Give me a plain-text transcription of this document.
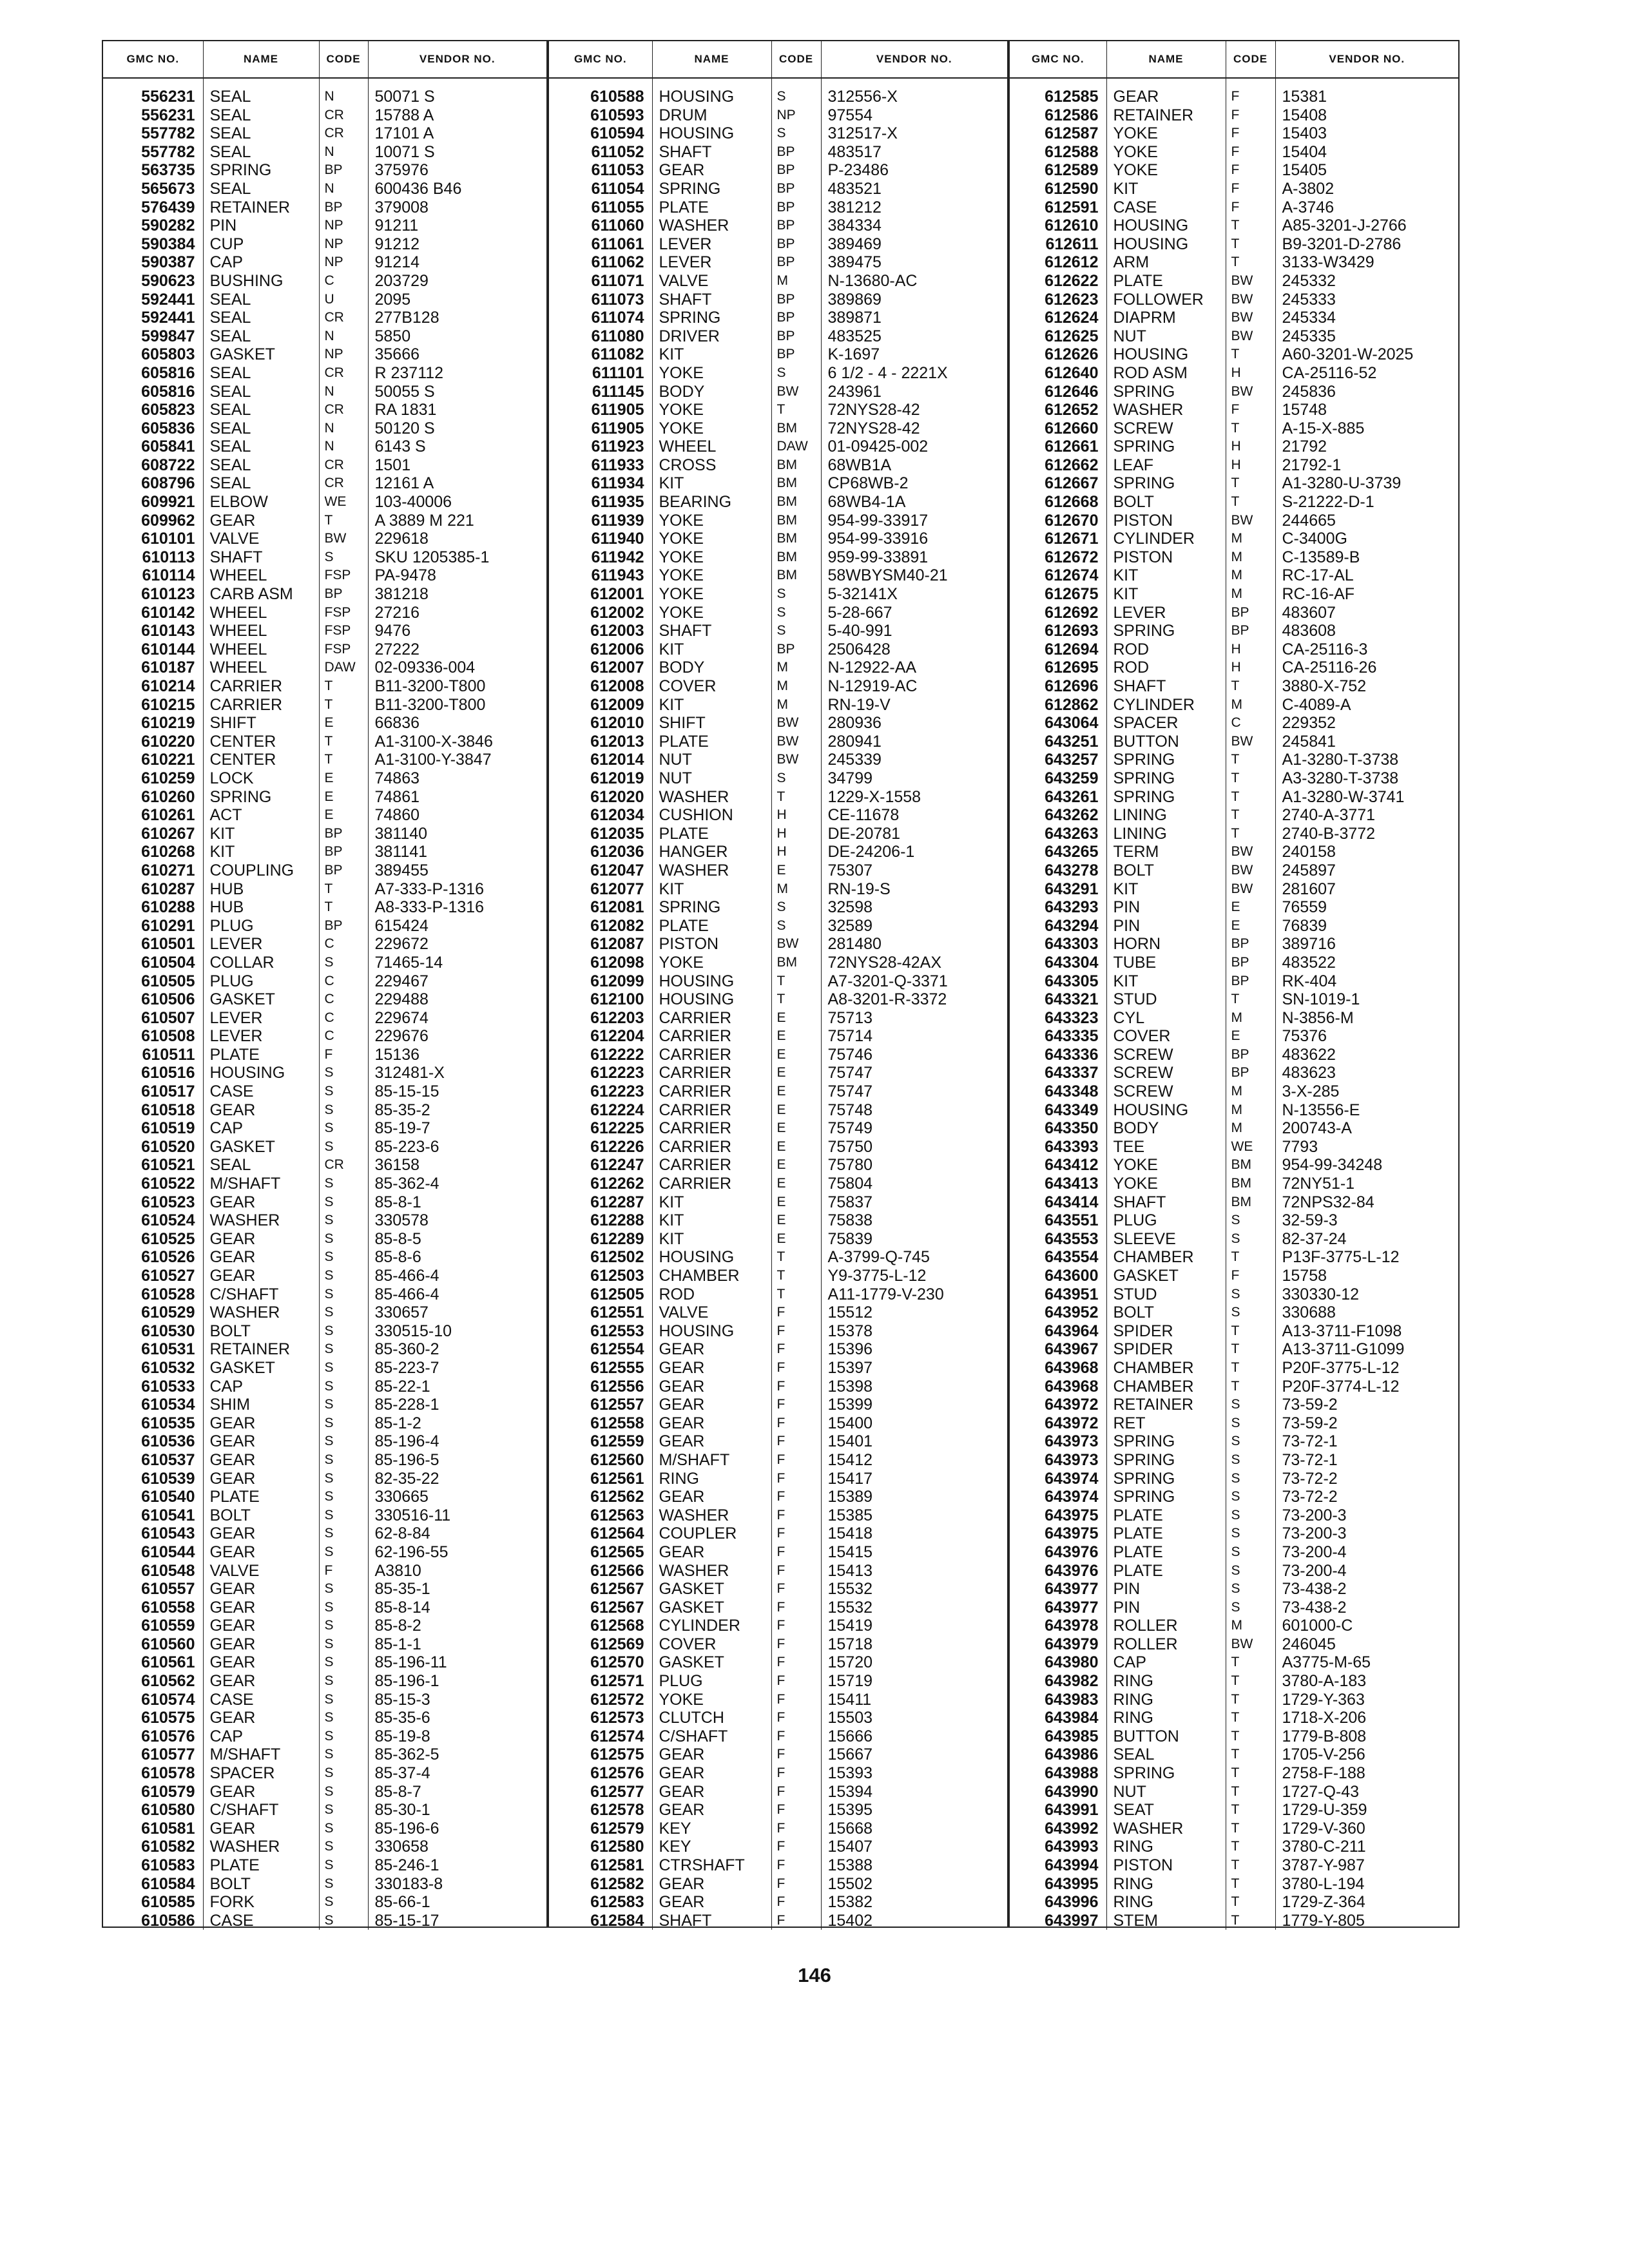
GMC NO.	NAME	CODE	VENDOR NO.
556231	SEAL	N	50071 S
556231	SEAL	CR	15788 A
557782	SEAL	CR	17101 A
557782	SEAL	N	10071 S
563735	SPRING	BP	375976
565673	SEAL	N	600436 B46
576439	RETAINER	BP	379008
590282	PIN	NP	91211
590384	CUP	NP	91212
590387	CAP	NP	91214
590623	BUSHING	C	203729
592441	SEAL	U	2095
592441	SEAL	CR	277B128
599847	SEAL	N	5850
605803	GASKET	NP	35666
605816	SEAL	CR	R 237112
605816	SEAL	N	50055 S
605823	SEAL	CR	RA 1831
605836	SEAL	N	50120 S
605841	SEAL	N	6143 S
608722	SEAL	CR	1501
608796	SEAL	CR	12161 A
609921	ELBOW	WE	103-40006
609962	GEAR	T	A 3889 M 221
610101	VALVE	BW	229618
610113	SHAFT	S	SKU 1205385-1
610114	WHEEL	FSP	PA-9478
610123	CARB ASM	BP	381218
610142	WHEEL	FSP	27216
610143	WHEEL	FSP	9476
610144	WHEEL	FSP	27222
610187	WHEEL	DAW	02-09336-004
610214	CARRIER	T	B11-3200-T800
610215	CARRIER	T	B11-3200-T800
610219	SHIFT	E	66836
610220	CENTER	T	A1-3100-X-3846
610221	CENTER	T	A1-3100-Y-3847
610259	LOCK	E	74863
610260	SPRING	E	74861
610261	ACT	E	74860
610267	KIT	BP	381140
610268	KIT	BP	381141
610271	COUPLING	BP	389455
610287	HUB	T	A7-333-P-1316
610288	HUB	T	A8-333-P-1316
610291	PLUG	BP	615424
610501	LEVER	C	229672
610504	COLLAR	S	71465-14
610505	PLUG	C	229467
610506	GASKET	C	229488
610507	LEVER	C	229674
610508	LEVER	C	229676
610511	PLATE	F	15136
610516	HOUSING	S	312481-X
610517	CASE	S	85-15-15
610518	GEAR	S	85-35-2
610519	CAP	S	85-19-7
610520	GASKET	S	85-223-6
610521	SEAL	CR	36158
610522	M/SHAFT	S	85-362-4
610523	GEAR	S	85-8-1
610524	WASHER	S	330578
610525	GEAR	S	85-8-5
610526	GEAR	S	85-8-6
610527	GEAR	S	85-466-4
610528	C/SHAFT	S	85-466-4
610529	WASHER	S	330657
610530	BOLT	S	330515-10
610531	RETAINER	S	85-360-2
610532	GASKET	S	85-223-7
610533	CAP	S	85-22-1
610534	SHIM	S	85-228-1
610535	GEAR	S	85-1-2
610536	GEAR	S	85-196-4
610537	GEAR	S	85-196-5
610539	GEAR	S	82-35-22
610540	PLATE	S	330665
610541	BOLT	S	330516-11
610543	GEAR	S	62-8-84
610544	GEAR	S	62-196-55
610548	VALVE	F	A3810
610557	GEAR	S	85-35-1
610558	GEAR	S	85-8-14
610559	GEAR	S	85-8-2
610560	GEAR	S	85-1-1
610561	GEAR	S	85-196-11
610562	GEAR	S	85-196-1
610574	CASE	S	85-15-3
610575	GEAR	S	85-35-6
610576	CAP	S	85-19-8
610577	M/SHAFT	S	85-362-5
610578	SPACER	S	85-37-4
610579	GEAR	S	85-8-7
610580	C/SHAFT	S	85-30-1
610581	GEAR	S	85-196-6
610582	WASHER	S	330658
610583	PLATE	S	85-246-1
610584	BOLT	S	330183-8
610585	FORK	S	85-66-1
610586	CASE	S	85-15-17
GMC NO.	NAME	CODE	VENDOR NO.
610588	HOUSING	S	312556-X
610593	DRUM	NP	97554
610594	HOUSING	S	312517-X
611052	SHAFT	BP	483517
611053	GEAR	BP	P-23486
611054	SPRING	BP	483521
611055	PLATE	BP	381212
611060	WASHER	BP	384334
611061	LEVER	BP	389469
611062	LEVER	BP	389475
611071	VALVE	M	N-13680-AC
611073	SHAFT	BP	389869
611074	SPRING	BP	389871
611080	DRIVER	BP	483525
611082	KIT	BP	K-1697
611101	YOKE	S	6 1/2 - 4 - 2221X
611145	BODY	BW	243961
611905	YOKE	T	72NYS28-42
611905	YOKE	BM	72NYS28-42
611923	WHEEL	DAW	01-09425-002
611933	CROSS	BM	68WB1A
611934	KIT	BM	CP68WB-2
611935	BEARING	BM	68WB4-1A
611939	YOKE	BM	954-99-33917
611940	YOKE	BM	954-99-33916
611942	YOKE	BM	959-99-33891
611943	YOKE	BM	58WBYSM40-21
612001	YOKE	S	5-32141X
612002	YOKE	S	5-28-667
612003	SHAFT	S	5-40-991
612006	KIT	BP	2506428
612007	BODY	M	N-12922-AA
612008	COVER	M	N-12919-AC
612009	KIT	M	RN-19-V
612010	SHIFT	BW	280936
612013	PLATE	BW	280941
612014	NUT	BW	245339
612019	NUT	S	34799
612020	WASHER	T	1229-X-1558
612034	CUSHION	H	CE-11678
612035	PLATE	H	DE-20781
612036	HANGER	H	DE-24206-1
612047	WASHER	E	75307
612077	KIT	M	RN-19-S
612081	SPRING	S	32598
612082	PLATE	S	32589
612087	PISTON	BW	281480
612098	YOKE	BM	72NYS28-42AX
612099	HOUSING	T	A7-3201-Q-3371
612100	HOUSING	T	A8-3201-R-3372
612203	CARRIER	E	75713
612204	CARRIER	E	75714
612222	CARRIER	E	75746
612223	CARRIER	E	75747
612223	CARRIER	E	75747
612224	CARRIER	E	75748
612225	CARRIER	E	75749
612226	CARRIER	E	75750
612247	CARRIER	E	75780
612262	CARRIER	E	75804
612287	KIT	E	75837
612288	KIT	E	75838
612289	KIT	E	75839
612502	HOUSING	T	A-3799-Q-745
612503	CHAMBER	T	Y9-3775-L-12
612505	ROD	T	A11-1779-V-230
612551	VALVE	F	15512
612553	HOUSING	F	15378
612554	GEAR	F	15396
612555	GEAR	F	15397
612556	GEAR	F	15398
612557	GEAR	F	15399
612558	GEAR	F	15400
612559	GEAR	F	15401
612560	M/SHAFT	F	15412
612561	RING	F	15417
612562	GEAR	F	15389
612563	WASHER	F	15385
612564	COUPLER	F	15418
612565	GEAR	F	15415
612566	WASHER	F	15413
612567	GASKET	F	15532
612567	GASKET	F	15532
612568	CYLINDER	F	15419
612569	COVER	F	15718
612570	GASKET	F	15720
612571	PLUG	F	15719
612572	YOKE	F	15411
612573	CLUTCH	F	15503
612574	C/SHAFT	F	15666
612575	GEAR	F	15667
612576	GEAR	F	15393
612577	GEAR	F	15394
612578	GEAR	F	15395
612579	KEY	F	15668
612580	KEY	F	15407
612581	CTRSHAFT	F	15388
612582	GEAR	F	15502
612583	GEAR	F	15382
612584	SHAFT	F	15402
GMC NO.	NAME	CODE	VENDOR NO.
612585	GEAR	F	15381
612586	RETAINER	F	15408
612587	YOKE	F	15403
612588	YOKE	F	15404
612589	YOKE	F	15405
612590	KIT	F	A-3802
612591	CASE	F	A-3746
612610	HOUSING	T	A85-3201-J-2766
612611	HOUSING	T	B9-3201-D-2786
612612	ARM	T	3133-W3429
612622	PLATE	BW	245332
612623	FOLLOWER	BW	245333
612624	DIAPRM	BW	245334
612625	NUT	BW	245335
612626	HOUSING	T	A60-3201-W-2025
612640	ROD ASM	H	CA-25116-52
612646	SPRING	BW	245836
612652	WASHER	F	15748
612660	SCREW	T	A-15-X-885
612661	SPRING	H	21792
612662	LEAF	H	21792-1
612667	SPRING	T	A1-3280-U-3739
612668	BOLT	T	S-21222-D-1
612670	PISTON	BW	244665
612671	CYLINDER	M	C-3400G
612672	PISTON	M	C-13589-B
612674	KIT	M	RC-17-AL
612675	KIT	M	RC-16-AF
612692	LEVER	BP	483607
612693	SPRING	BP	483608
612694	ROD	H	CA-25116-3
612695	ROD	H	CA-25116-26
612696	SHAFT	T	3880-X-752
612862	CYLINDER	M	C-4089-A
643064	SPACER	C	229352
643251	BUTTON	BW	245841
643257	SPRING	T	A1-3280-T-3738
643259	SPRING	T	A3-3280-T-3738
643261	SPRING	T	A1-3280-W-3741
643262	LINING	T	2740-A-3771
643263	LINING	T	2740-B-3772
643265	TERM	BW	240158
643278	BOLT	BW	245897
643291	KIT	BW	281607
643293	PIN	E	76559
643294	PIN	E	76839
643303	HORN	BP	389716
643304	TUBE	BP	483522
643305	KIT	BP	RK-404
643321	STUD	T	SN-1019-1
643323	CYL	M	N-3856-M
643335	COVER	E	75376
643336	SCREW	BP	483622
643337	SCREW	BP	483623
643348	SCREW	M	3-X-285
643349	HOUSING	M	N-13556-E
643350	BODY	M	200743-A
643393	TEE	WE	7793
643412	YOKE	BM	954-99-34248
643413	YOKE	BM	72NY51-1
643414	SHAFT	BM	72NPS32-84
643551	PLUG	S	32-59-3
643553	SLEEVE	S	82-37-24
643554	CHAMBER	T	P13F-3775-L-12
643600	GASKET	F	15758
643951	STUD	S	330330-12
643952	BOLT	S	330688
643964	SPIDER	T	A13-3711-F1098
643967	SPIDER	T	A13-3711-G1099
643968	CHAMBER	T	P20F-3775-L-12
643968	CHAMBER	T	P20F-3774-L-12
643972	RETAINER	S	73-59-2
643972	RET	S	73-59-2
643973	SPRING	S	73-72-1
643973	SPRING	S	73-72-1
643974	SPRING	S	73-72-2
643974	SPRING	S	73-72-2
643975	PLATE	S	73-200-3
643975	PLATE	S	73-200-3
643976	PLATE	S	73-200-4
643976	PLATE	S	73-200-4
643977	PIN	S	73-438-2
643977	PIN	S	73-438-2
643978	ROLLER	M	601000-C
643979	ROLLER	BW	246045
643980	CAP	T	A3775-M-65
643982	RING	T	3780-A-183
643983	RING	T	1729-Y-363
643984	RING	T	1718-X-206
643985	BUTTON	T	1779-B-808
643986	SEAL	T	1705-V-256
643988	SPRING	T	2758-F-188
643990	NUT	T	1727-Q-43
643991	SEAT	T	1729-U-359
643992	WASHER	T	1729-V-360
643993	RING	T	3780-C-211
643994	PISTON	T	3787-Y-987
643995	RING	T	3780-L-194
643996	RING	T	1729-Z-364
643997	STEM	T	1779-Y-805
146
